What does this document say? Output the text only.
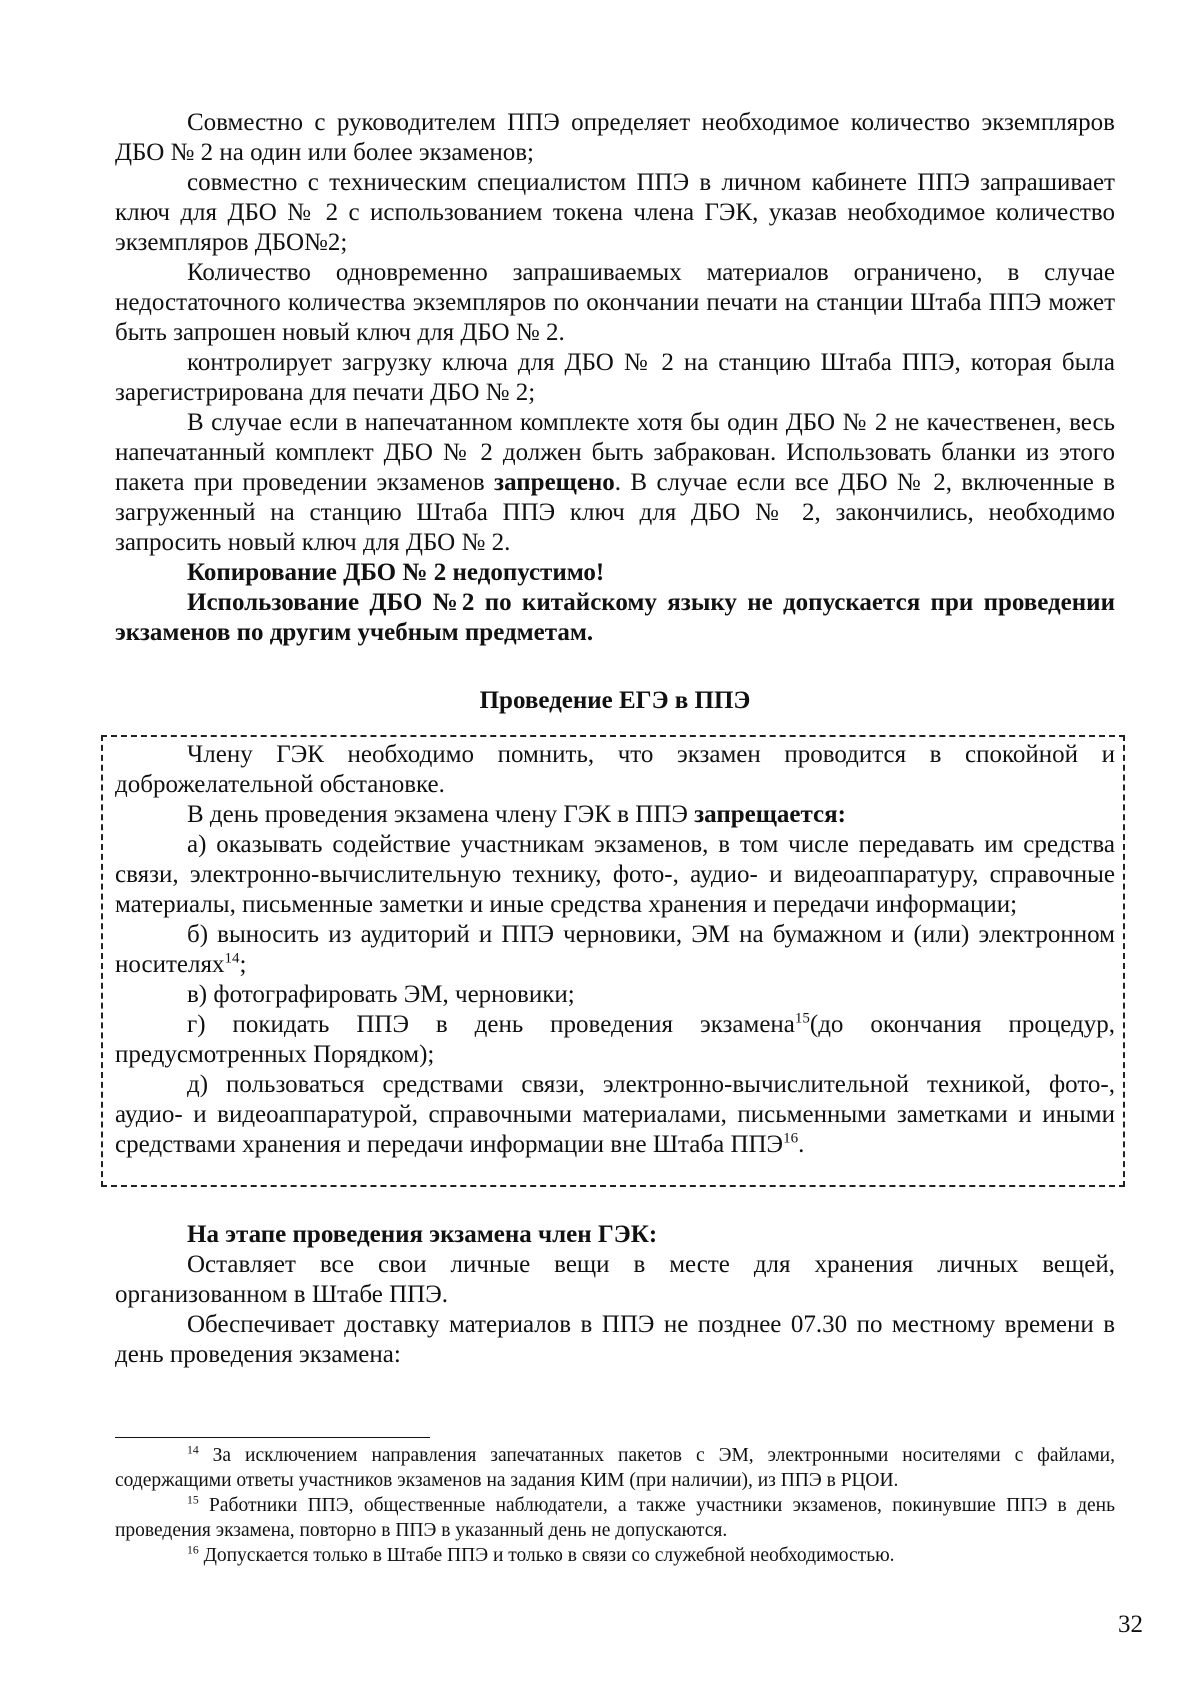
Совместно с руководителем ППЭ определяет необходимое количество экземпляров ДБО № 2 на один или более экзаменов;

совместно с техническим специалистом ППЭ в личном кабинете ППЭ запрашивает ключ для ДБО № 2 с использованием токена члена ГЭК, указав необходимое количество экземпляров ДБО№2;

Количество одновременно запрашиваемых материалов ограничено, в случае недостаточного количества экземпляров по окончании печати на станции Штаба ППЭ может быть запрошен новый ключ для ДБО № 2.

контролирует загрузку ключа для ДБО № 2 на станцию Штаба ППЭ, которая была зарегистрирована для печати ДБО № 2;

В случае если в напечатанном комплекте хотя бы один ДБО № 2 не качественен, весь напечатанный комплект ДБО № 2 должен быть забракован. Использовать бланки из этого пакета при проведении экзаменов запрещено. В случае если все ДБО № 2, включенные в загруженный на станцию Штаба ППЭ ключ для ДБО № 2, закончились, необходимо запросить новый ключ для ДБО № 2.

Копирование ДБО № 2 недопустимо!

Использование ДБО №2 по китайскому языку не допускается при проведении экзаменов по другим учебным предметам.

Проведение ЕГЭ в ППЭ

Члену ГЭК необходимо помнить, что экзамен проводится в спокойной и доброжелательной обстановке.

В день проведения экзамена члену ГЭК в ППЭ запрещается:

а) оказывать содействие участникам экзаменов, в том числе передавать им средства связи, электронно-вычислительную технику, фото-, аудио- и видеоаппаратуру, справочные материалы, письменные заметки и иные средства хранения и передачи информации;

б) выносить из аудиторий и ППЭ черновики, ЭМ на бумажном и (или) электронном носителях$^{14}$;

в) фотографировать ЭМ, черновики;

г) покидать ППЭ в день проведения экзамена$^{15}$(до окончания процедур, предусмотренных Порядком);

д) пользоваться средствами связи, электронно-вычислительной техникой, фото-, аудио- и видеоаппаратурой, справочными материалами, письменными заметками и иными средствами хранения и передачи информации вне Штаба ППЭ$^{16}$.

На этапе проведения экзамена член ГЭК:

Оставляет все свои личные вещи в месте для хранения личных вещей, организованном в Штабе ППЭ.

Обеспечивает доставку материалов в ППЭ не позднее 07.30 по местному времени в день проведения экзамена:

$^{14}$ За исключением направления запечатанных пакетов с ЭМ, электронными носителями с файлами, содержащими ответы участников экзаменов на задания КИМ (при наличии), из ППЭ в РЦОИ.

$^{15}$ Работники ППЭ, общественные наблюдатели, а также участники экзаменов, покинувшие ППЭ в день проведения экзамена, повторно в ППЭ в указанный день не допускаются.

$^{16}$ Допускается только в Штабе ППЭ и только в связи со служебной необходимостью.

32
